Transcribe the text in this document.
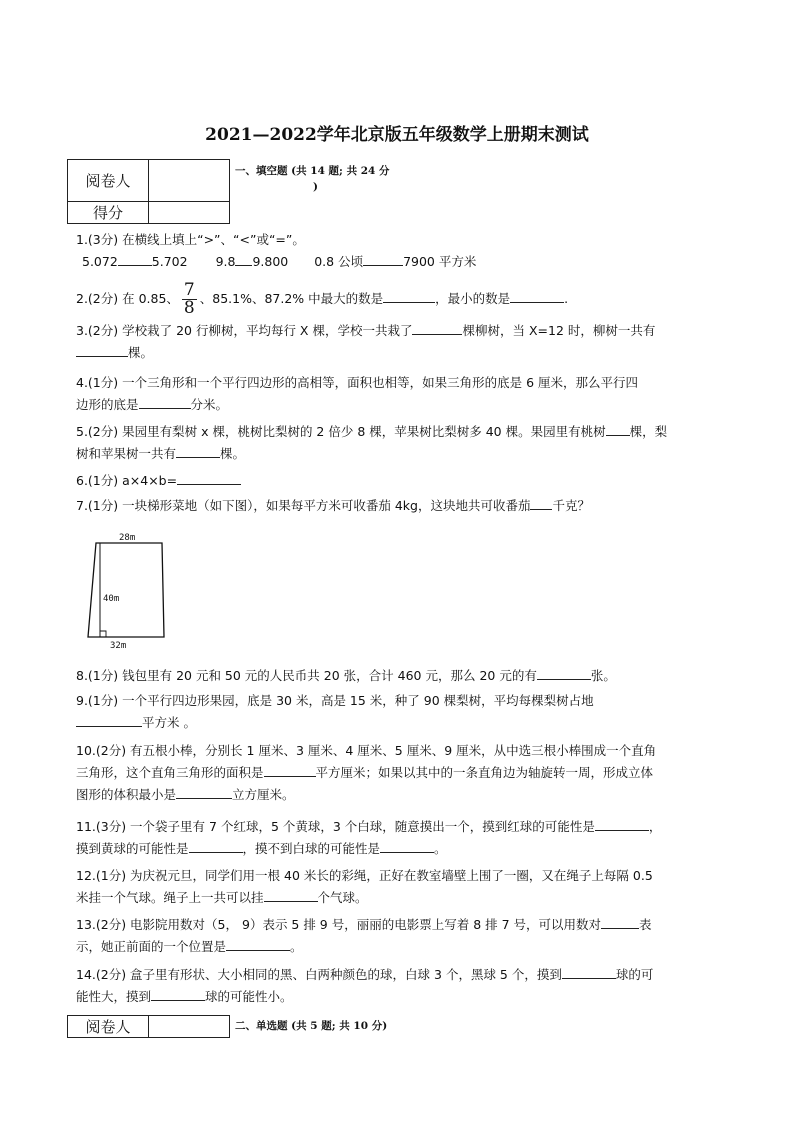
2021—2022学年北京版五年级数学上册期末测试
阅卷人	
得分	
一、填空题 (共 14 题; 共 24 分
)

1.(3分) 在横线上填上“>”、“<”或“=”。

5.072	5.702 9.8 9.800 0.8 公顷	7900 平方米

2.(2分) 在 0.85、 $\frac{7}{8}$ 、85.1%、87.2% 中最大的数是	，最小的数是	.

3.(2分) 学校栽了 20 行柳树，平均每行 X 棵，学校一共栽了	棵柳树，当 X=12 时，柳树一共有

棵。

4.(1分) 一个三角形和一个平行四边形的高相等，面积也相等，如果三角形的底是 6 厘米，那么平行四

边形的底是	分米。

5.(2分) 果园里有梨树 x 棵，桃树比梨树的 2 倍少 8 棵，苹果树比梨树多 40 棵。果园里有桃树 棵，梨

树和苹果树一共有	棵。

6.(1分) a×4×b=

7.(1分) 一块梯形菜地（如下图），如果每平方米可收番茄 4kg，这块地共可收番茄 千克？

28m
40m
32m

8.(1分) 钱包里有 20 元和 50 元的人民币共 20 张，合计 460 元，那么 20 元的有	张。

9.(1分) 一个平行四边形果园，底是 30 米，高是 15 米，种了 90 棵梨树，平均每棵梨树占地

平方米 。

10.(2分) 有五根小棒，分别长 1 厘米、3 厘米、4 厘米、5 厘米、9 厘米，从中选三根小棒围成一个直角

三角形，这个直角三角形的面积是	平方厘米；如果以其中的一条直角边为轴旋转一周，形成立体

图形的体积最小是	立方厘米。

11.(3分) 一个袋子里有 7 个红球，5 个黄球，3 个白球，随意摸出一个，摸到红球的可能性是	，

摸到黄球的可能性是	，摸不到白球的可能性是	。

12.(1分) 为庆祝元旦，同学们用一根 40 米长的彩绳，正好在教室墙壁上围了一圈，又在绳子上每隔 0.5

米挂一个气球。绳子上一共可以挂	个气球。

13.(2分) 电影院用数对（5， 9）表示 5 排 9 号，丽丽的电影票上写着 8 排 7 号，可以用数对	表

示，她正前面的一个位置是	。

14.(2分) 盒子里有形状、大小相同的黑、白两种颜色的球，白球 3 个，黑球 5 个，摸到	球的可

能性大，摸到	球的可能性小。

阅卷人		二、单选题 (共 5 题; 共 10 分)
